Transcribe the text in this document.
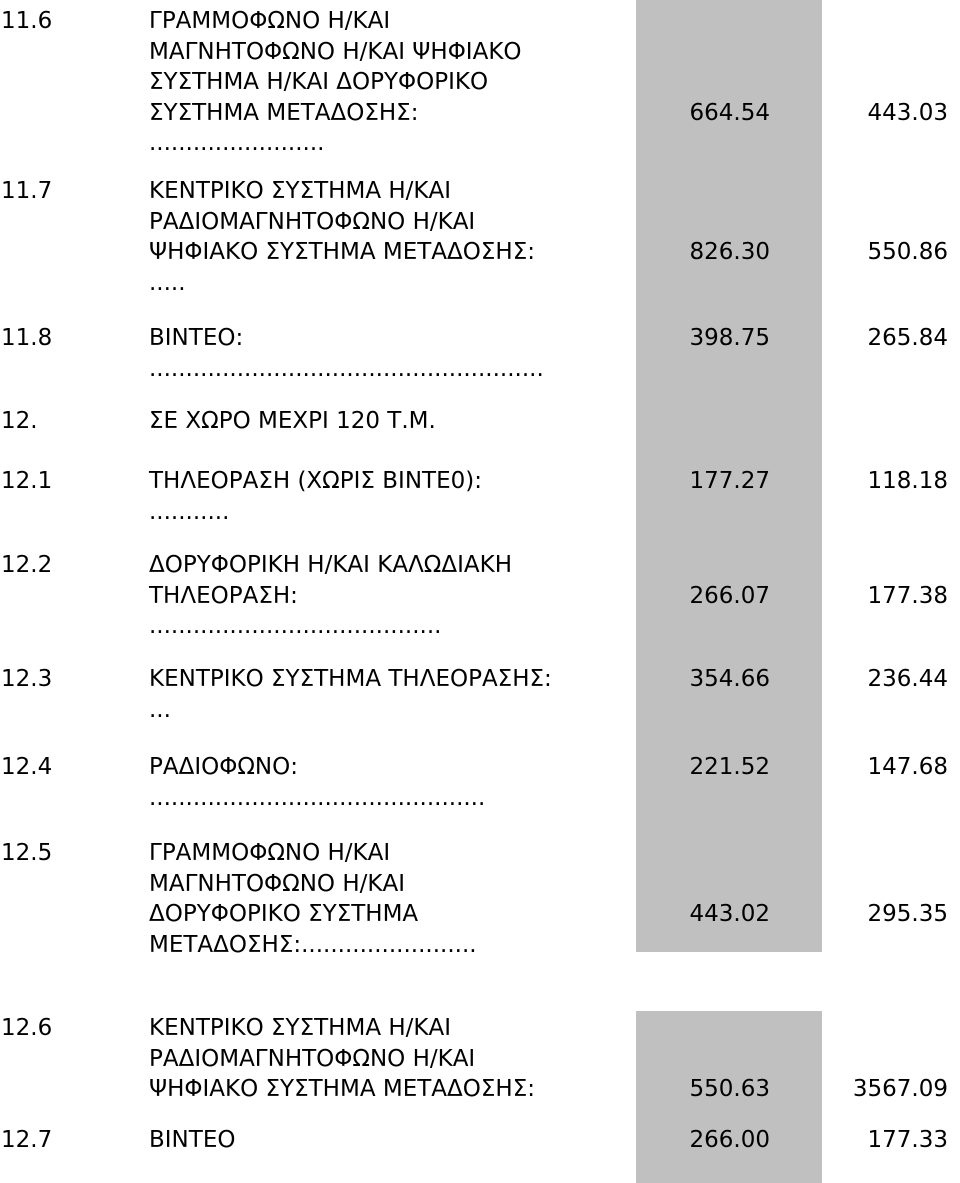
11.6	ΓΡΑΜΜΟΦΩΝΟ Η/ΚΑΙ
ΜΑΓΝΗΤΟΦΩΝΟ Η/ΚΑΙ ΨΗΦΙΑΚΟ
ΣΥΣΤΗΜΑ Η/ΚΑΙ ΔΟΡΥΦΟΡΙΚΟ
ΣΥΣΤΗΜΑ ΜΕΤΑΔΟΣΗΣ:
........................
664.54	443.03
11.7	ΚΕΝΤΡΙΚΟ ΣΥΣΤΗΜΑ Η/ΚΑΙ
ΡΑΔΙΟΜΑΓΝΗΤΟΦΩΝΟ Η/ΚΑΙ
ΨΗΦΙΑΚΟ ΣΥΣΤΗΜΑ ΜΕΤΑΔΟΣΗΣ:
.....
826.30	550.86
11.8	ΒΙΝΤΕΟ:
......................................................
398.75	265.84
12.	ΣΕ ΧΩΡΟ ΜΕΧΡΙ 120 Τ.Μ.
12.1	ΤΗΛΕΟΡΑΣΗ (ΧΩΡΙΣ ΒΙΝΤΕ0):
...........
177.27	118.18
12.2	ΔΟΡΥΦΟΡΙΚΗ Η/ΚΑΙ ΚΑΛΩΔΙΑΚΗ
ΤΗΛΕΟΡΑΣΗ:
........................................
266.07	177.38
12.3	ΚΕΝΤΡΙΚΟ ΣΥΣΤΗΜΑ ΤΗΛΕΟΡΑΣΗΣ:
...
354.66	236.44
12.4	ΡΑΔΙΟΦΩΝΟ:
..............................................
221.52	147.68
12.5	ΓΡΑΜΜΟΦΩΝΟ Η/ΚΑΙ
ΜΑΓΝΗΤΟΦΩΝΟ Η/ΚΑΙ
ΔΟΡΥΦΟΡΙΚΟ ΣΥΣΤΗΜΑ
ΜΕΤΑΔΟΣΗΣ:........................
443.02	295.35
12.6	ΚΕΝΤΡΙΚΟ ΣΥΣΤΗΜΑ Η/ΚΑΙ
ΡΑΔΙΟΜΑΓΝΗΤΟΦΩΝΟ Η/ΚΑΙ
ΨΗΦΙΑΚΟ ΣΥΣΤΗΜΑ ΜΕΤΑΔΟΣΗΣ:	550.63	3567.09
12.7	ΒΙΝΤΕΟ	266.00	177.33
